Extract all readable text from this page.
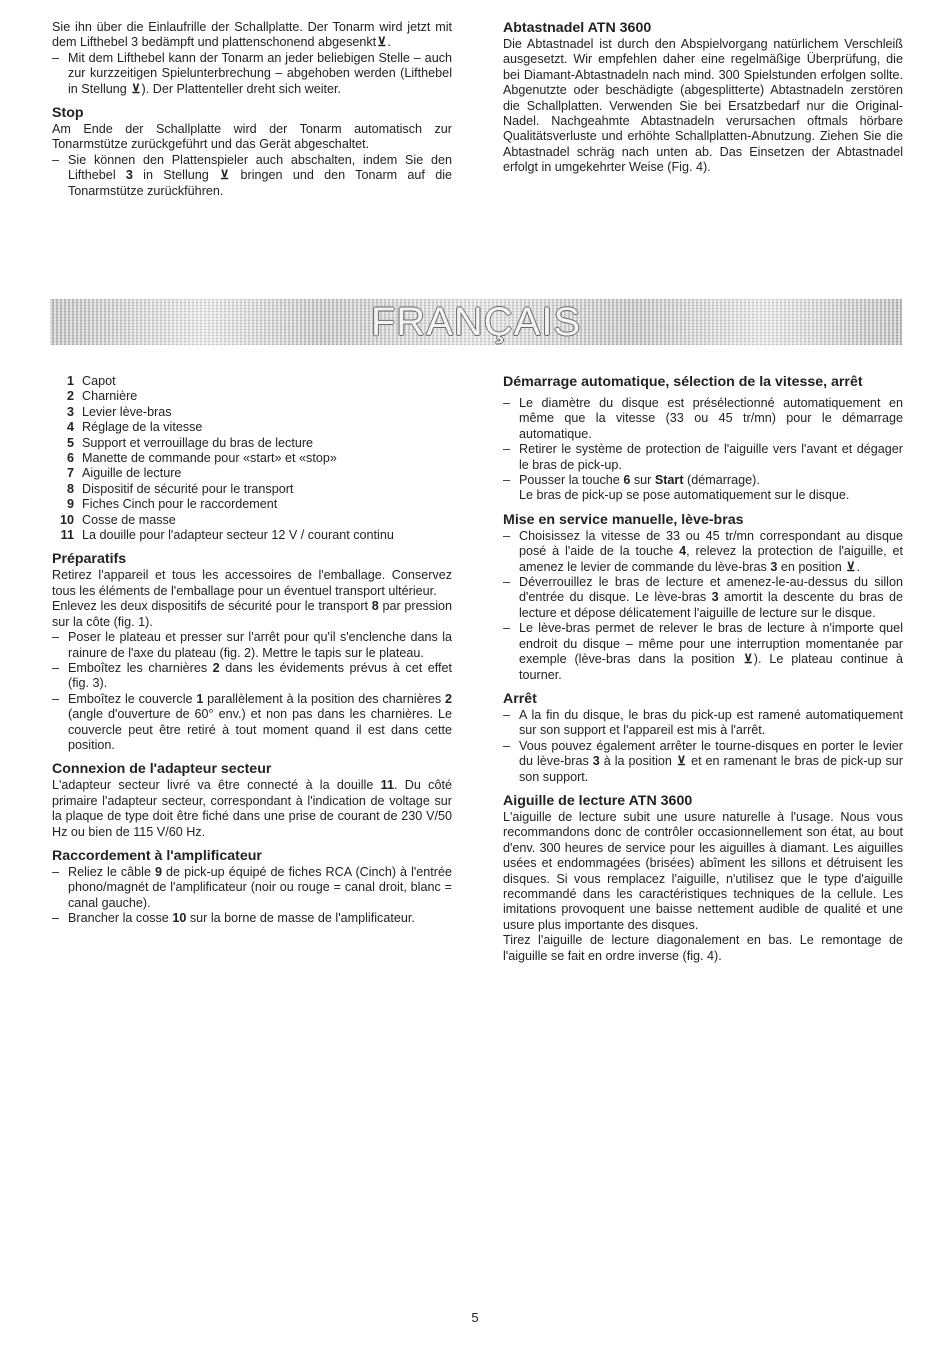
Sie ihn über die Einlaufrille der Schallplatte. Der Tonarm wird jetzt mit dem Lifthebel 3 bedämpft und plattenschonend abgesenkt⊻.

– Mit dem Lifthebel kann der Tonarm an jeder beliebigen Stelle – auch zur kurzzeitigen Spielunterbrechung – abgehoben werden (Lifthebel in Stellung ⊻). Der Plattenteller dreht sich weiter.
Stop

Am Ende der Schallplatte wird der Tonarm automatisch zur Tonarmstütze zurückgeführt und das Gerät abgeschaltet.

– Sie können den Plattenspieler auch abschalten, indem Sie den Lifthebel 3 in Stellung ⊻ bringen und den Tonarm auf die Tonarmstütze zurückführen.
Abtastnadel ATN 3600

Die Abtastnadel ist durch den Abspielvorgang natürlichem Verschleiß ausgesetzt. Wir empfehlen daher eine regelmäßige Überprüfung, die bei Diamant-Abtastnadeln nach mind. 300 Spielstunden erfolgen sollte. Abgenutzte oder beschädigte (abgesplitterte) Abtastnadeln zerstören die Schallplatten. Verwenden Sie bei Ersatzbedarf nur die Original-Nadel. Nachgeahmte Abtastnadeln verursachen oftmals hörbare Qualitätsverluste und erhöhte Schallplatten-Abnutzung. Ziehen Sie die Abtastnadel schräg nach unten ab. Das Einsetzen der Abtastnadel erfolgt in umgekehrter Weise (Fig. 4).

FRANÇAIS
1 Capot
2 Charnière
3 Levier lève-bras
4 Réglage de la vitesse
5 Support et verrouillage du bras de lecture
6 Manette de commande pour «start» et «stop»
7 Aiguille de lecture
8 Dispositif de sécurité pour le transport
9 Fiches Cinch pour le raccordement
10 Cosse de masse
11 La douille pour l'adapteur secteur 12 V / courant continu
Préparatifs

Retirez l'appareil et tous les accessoires de l'emballage. Conservez tous les éléments de l'emballage pour un éventuel transport ultérieur.

Enlevez les deux dispositifs de sécurité pour le transport 8 par pression sur la côte (fig. 1).

– Poser le plateau et presser sur l'arrêt pour qu'il s'enclenche dans la rainure de l'axe du plateau (fig. 2). Mettre le tapis sur le plateau.
– Emboîtez les charnières 2 dans les évidements prévus à cet effet (fig. 3).
– Emboîtez le couvercle 1 parallèlement à la position des charnières 2 (angle d'ouverture de 60° env.) et non pas dans les charnières. Le couvercle peut être retiré à tout moment quand il est dans cette position.
Connexion de l'adapteur secteur

L'adapteur secteur livré va être connecté à la douille 11. Du côté primaire l'adapteur secteur, correspondant à l'indication de voltage sur la plaque de type doit être fiché dans une prise de courant de 230 V/50 Hz ou bien de 115 V/60 Hz.

Raccordement à l'amplificateur
– Reliez le câble 9 de pick-up équipé de fiches RCA (Cinch) à l'entrée phono/magnét de l'amplificateur (noir ou rouge = canal droit, blanc = canal gauche).
– Brancher la cosse 10 sur la borne de masse de l'amplificateur.
Démarrage automatique, sélection de la vitesse, arrêt
– Le diamètre du disque est présélectionné automatiquement en même que la vitesse (33 ou 45 tr/mn) pour le démarrage automatique.
– Retirer le système de protection de l'aiguille vers l'avant et dégager le bras de pick-up.
– Pousser la touche 6 sur Start (démarrage).
Le bras de pick-up se pose automatiquement sur le disque.
Mise en service manuelle, lève-bras
– Choisissez la vitesse de 33 ou 45 tr/mn correspondant au disque posé à l'aide de la touche 4, relevez la protection de l'aiguille, et amenez le levier de commande du lève-bras 3 en position ⊻.
– Déverrouillez le bras de lecture et amenez-le-au-dessus du sillon d'entrée du disque. Le lève-bras 3 amortit la descente du bras de lecture et dépose délicatement l'aiguille de lecture sur le disque.
– Le lève-bras permet de relever le bras de lecture à n'importe quel endroit du disque – même pour une interruption momentanée par exemple (lève-bras dans la position ⊻). Le plateau continue à tourner.
Arrêt
– A la fin du disque, le bras du pick-up est ramené automatiquement sur son support et l'appareil est mis à l'arrêt.
– Vous pouvez également arrêter le tourne-disques en porter le levier du lève-bras 3 à la position ⊻ et en ramenant le bras de pick-up sur son support.
Aiguille de lecture ATN 3600

L'aiguille de lecture subit une usure naturelle à l'usage. Nous vous recommandons donc de contrôler occasionnellement son état, au bout d'env. 300 heures de service pour les aiguilles à diamant. Les aiguilles usées et endommagées (brisées) abîment les sillons et détruisent les disques. Si vous remplacez l'aiguille, n'utilisez que le type d'aiguille recommandé dans les caractéristiques techniques de la cellule. Les imitations provoquent une baisse nettement audible de qualité et une usure plus importante des disques.

Tirez l'aiguille de lecture diagonalement en bas. Le remontage de l'aiguille se fait en ordre inverse (fig. 4).

5
